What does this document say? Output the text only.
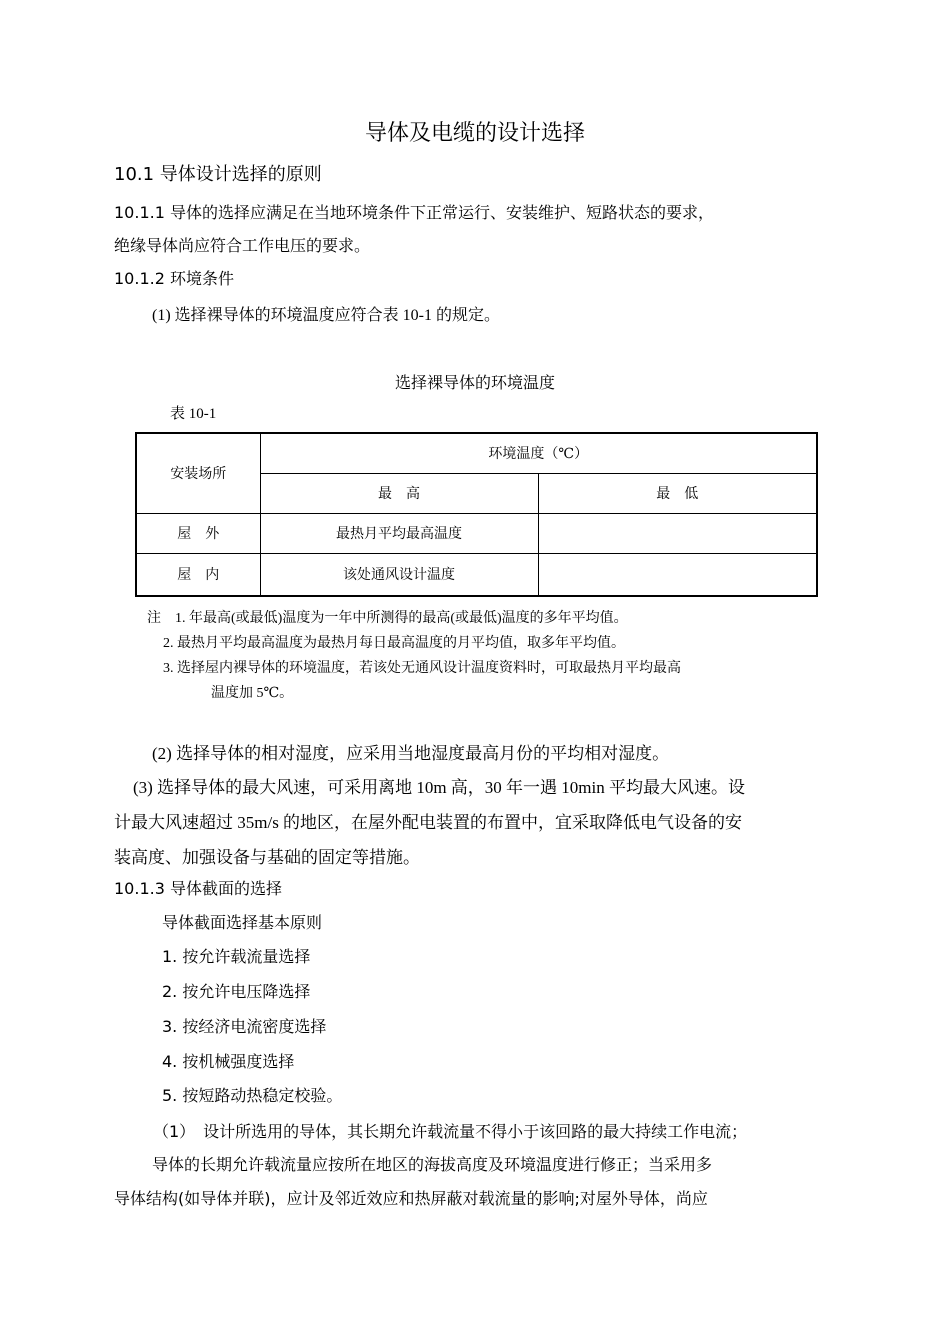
导体及电缆的设计选择
10.1 导体设计选择的原则
10.1.1 导体的选择应满足在当地环境条件下正常运行、安装维护、短路状态的要求，
绝缘导体尚应符合工作电压的要求。
10.1.2 环境条件
(1) 选择裸导体的环境温度应符合表 10-1 的规定。
选择裸导体的环境温度
表 10-1
安装场所	环境温度（℃）	
	最　高	最　低
屋　外	最热月平均最高温度	
屋　内	该处通风设计温度	
注　1. 年最高(或最低)温度为一年中所测得的最高(或最低)温度的多年平均值。
2. 最热月平均最高温度为最热月每日最高温度的月平均值，取多年平均值。
3. 选择屋内裸导体的环境温度，若该处无通风设计温度资料时，可取最热月平均最高
温度加 5℃。
(2) 选择导体的相对湿度，应采用当地湿度最高月份的平均相对湿度。
(3) 选择导体的最大风速，可采用离地 10m 高，30 年一遇 10min 平均最大风速。设
计最大风速超过 35m/s 的地区，在屋外配电装置的布置中，宜采取降低电气设备的安
装高度、加强设备与基础的固定等措施。
10.1.3 导体截面的选择
导体截面选择基本原则
1. 按允许载流量选择
2. 按允许电压降选择
3. 按经济电流密度选择
4. 按机械强度选择
5. 按短路动热稳定校验。
（1）　设计所选用的导体，其长期允许载流量不得小于该回路的最大持续工作电流；
导体的长期允许载流量应按所在地区的海拔高度及环境温度进行修正；当采用多
导体结构(如导体并联)，应计及邻近效应和热屏蔽对载流量的影响;对屋外导体，尚应
